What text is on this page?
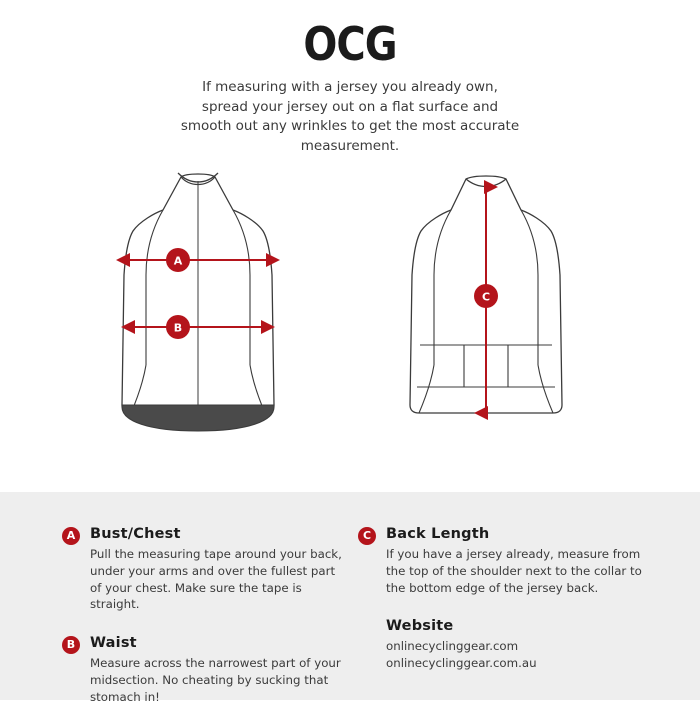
OCG
If measuring with a jersey you already own, spread your jersey out on a flat surface and smooth out any wrinkles to get the most accurate measurement.
A
B
C
A	Bust/Chest
Pull the measuring tape around your back, under your arms and over the fullest part of your chest. Make sure the tape is straight.
B	Waist
Measure across the narrowest part of your midsection. No cheating by sucking that stomach in!
C	Back Length
If you have a jersey already, measure from the top of the shoulder next to the collar to the bottom edge of the jersey back.
Website
onlinecyclinggear.com
onlinecyclinggear.com.au
